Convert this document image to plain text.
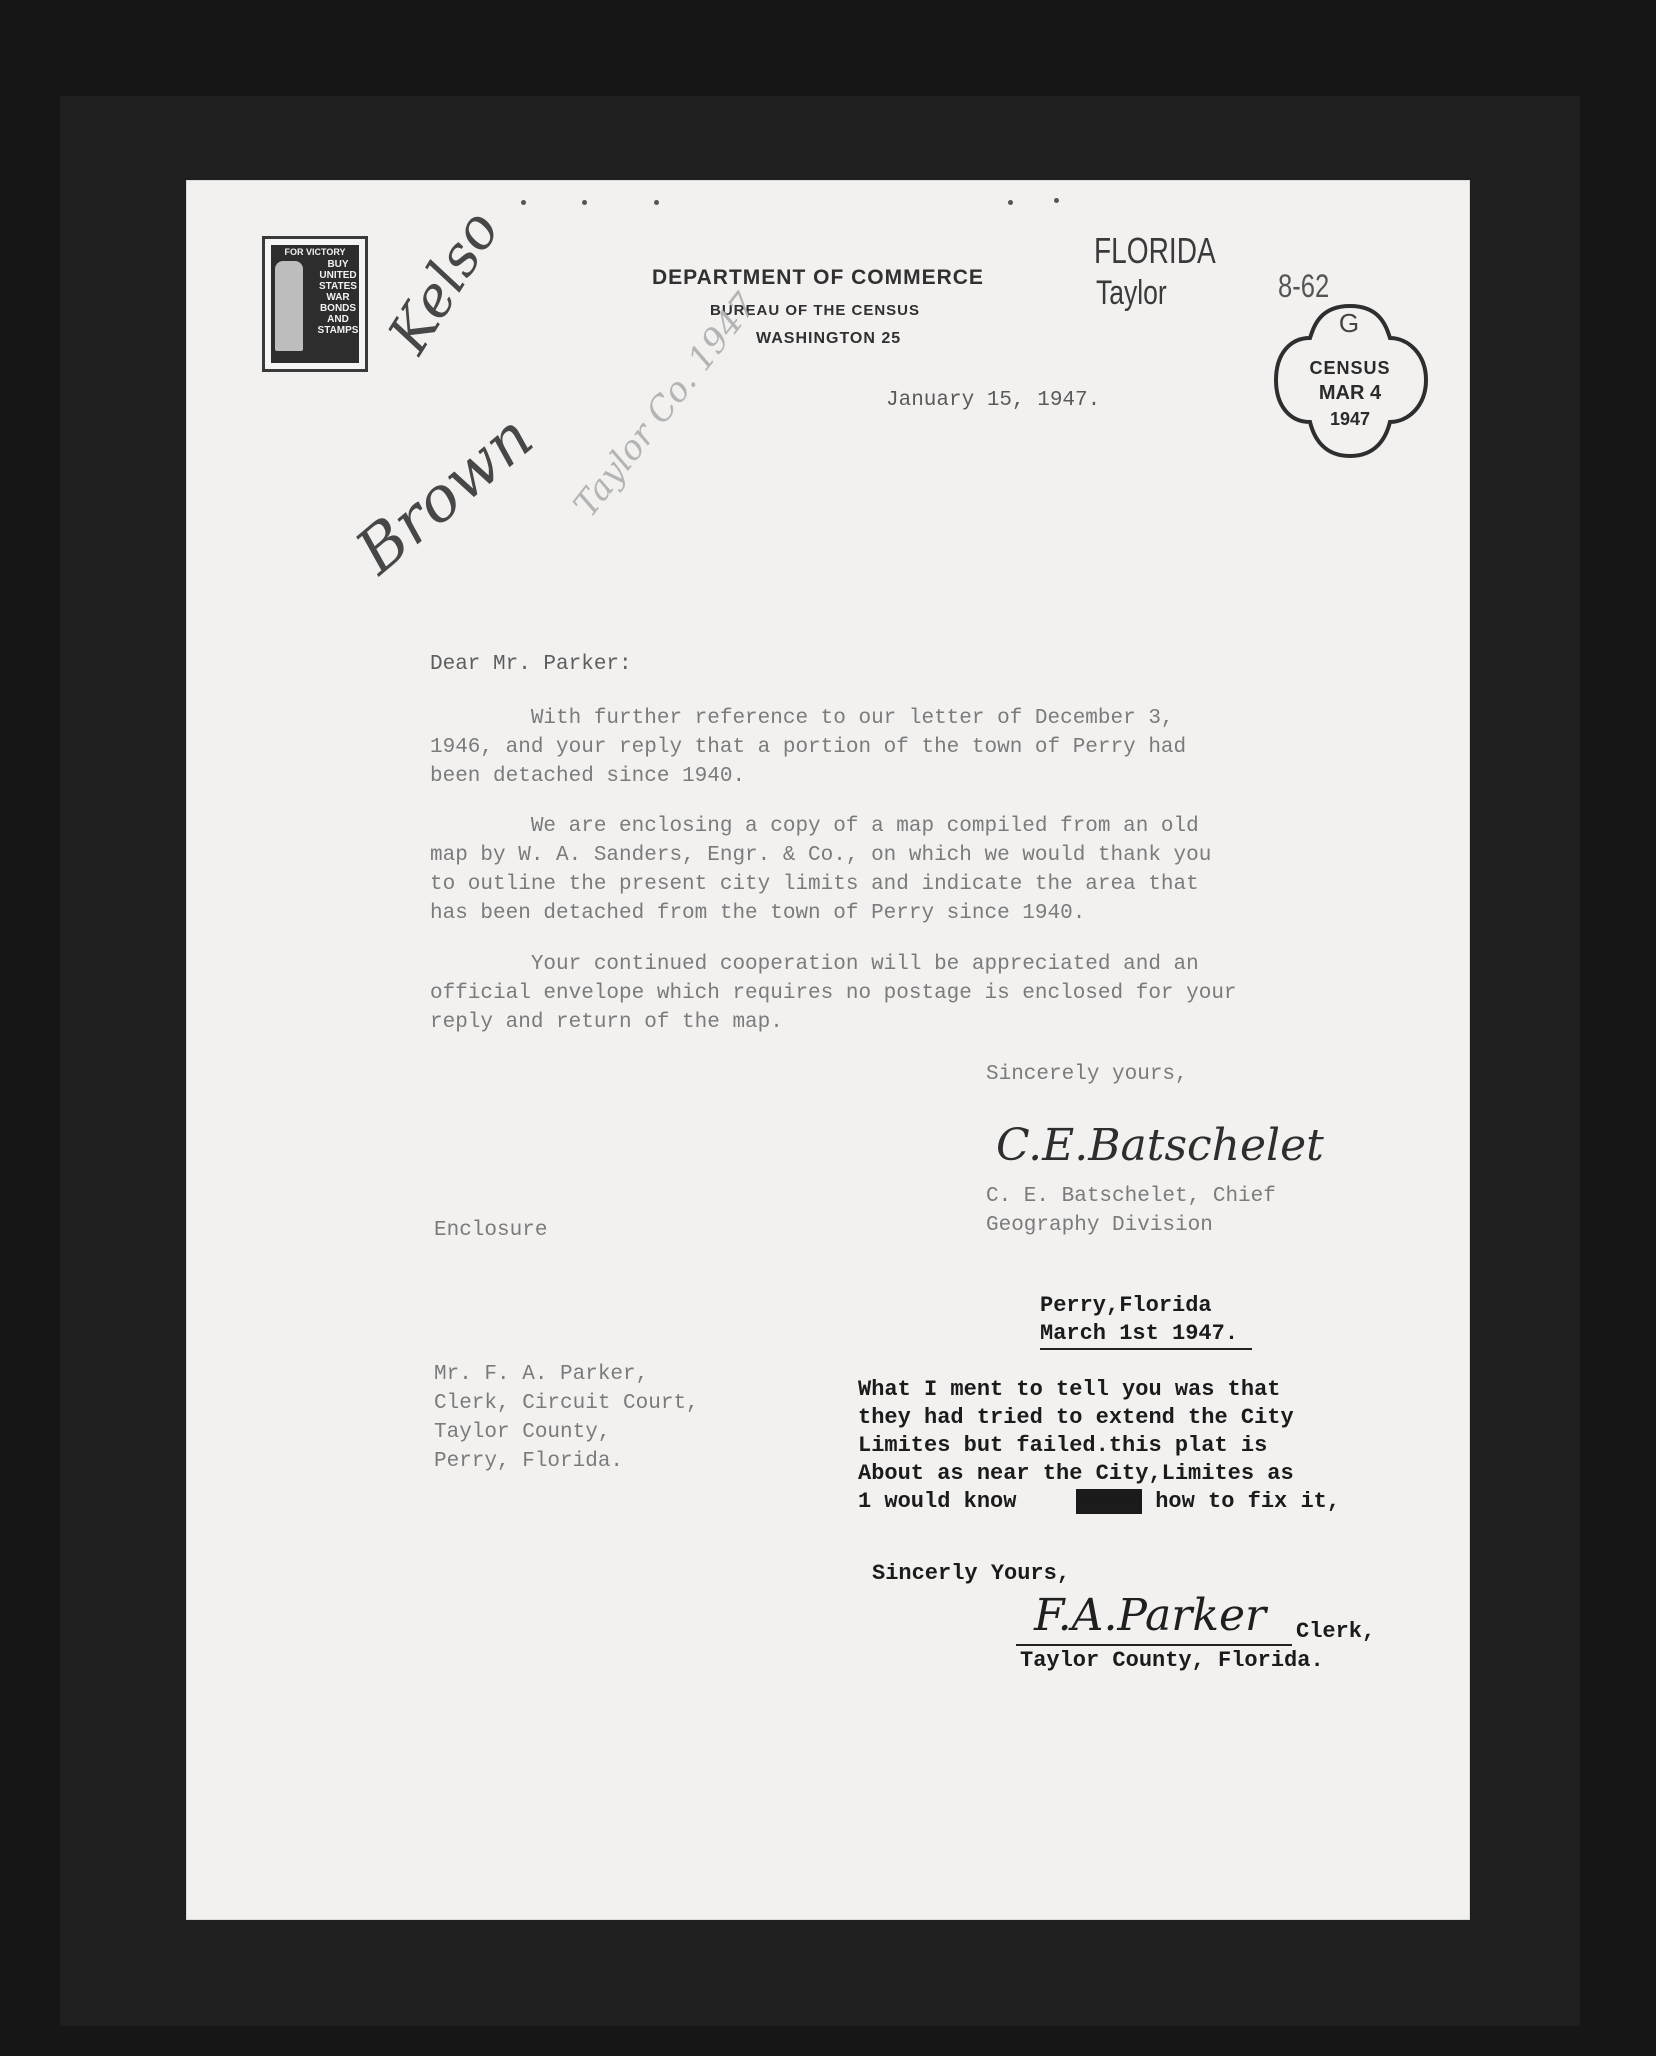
FOR VICTORY
BUY
UNITED
STATES
WAR
BONDS
AND
STAMPS
DEPARTMENT OF COMMERCE
BUREAU OF THE CENSUS
WASHINGTON 25
FLORIDA
Taylor	8-62
G
CENSUS
MAR 4
1947
January 15, 1947.
Kelso
Brown Taylor Co. 1947
Dear Mr. Parker:
With further reference to our letter of December 3,
1946, and your reply that a portion of the town of Perry had
been detached since 1940.
We are enclosing a copy of a map compiled from an old
map by W. A. Sanders, Engr. & Co., on which we would thank you
to outline the present city limits and indicate the area that
has been detached from the town of Perry since 1940.
Your continued cooperation will be appreciated and an
official envelope which requires no postage is enclosed for your
reply and return of the map.
Sincerely yours,
C.E.Batschelet
C. E. Batschelet, Chief
Geography Division
Enclosure
Mr. F. A. Parker,
Clerk, Circuit Court,
Taylor County,
Perry, Florida.
Perry,Florida
March 1st 1947.
What I ment to tell you was that
they had tried to extend the City
Limites but failed.this plat is
About as near the City,Limites as
1 would know	hawxt how to fix it,
Sincerly Yours,
F.A.Parker Clerk,
Taylor County, Florida.
